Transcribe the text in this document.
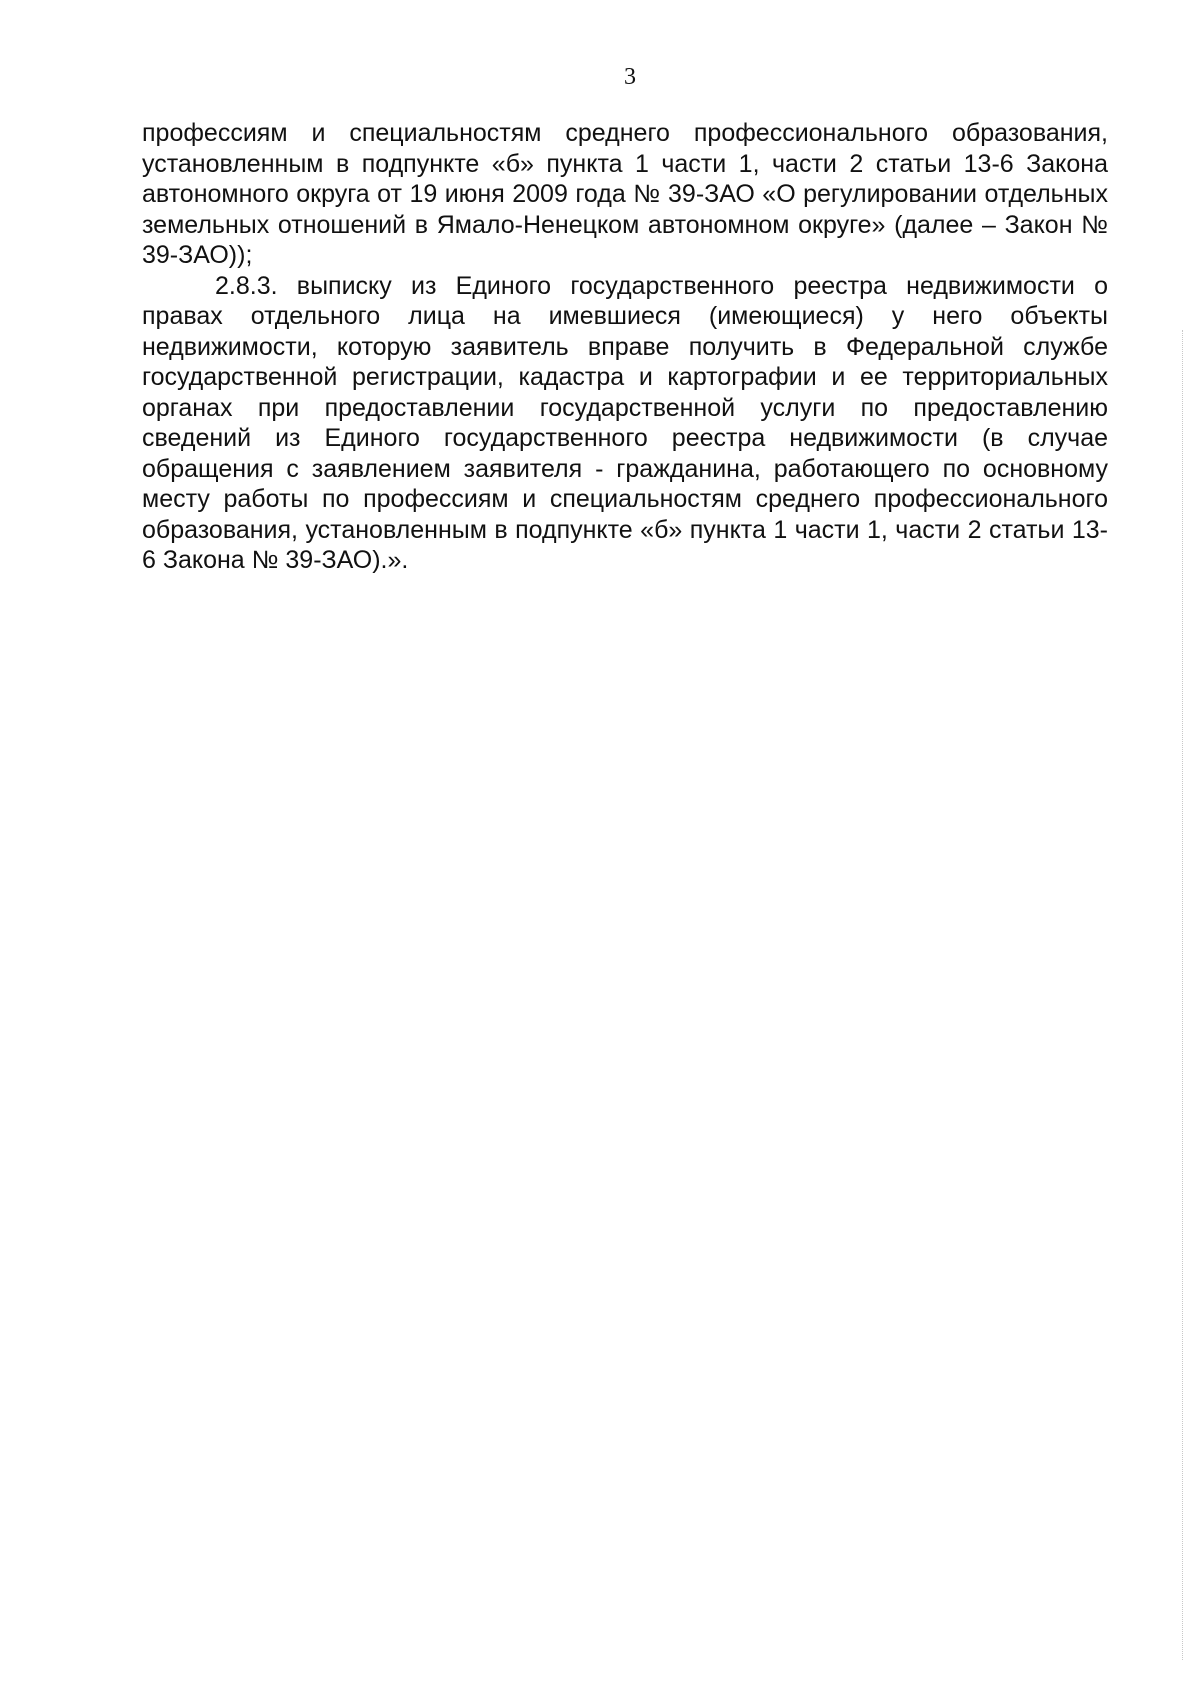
3

профессиям и специальностям среднего профессионального образования, установленным в подпункте «б» пункта 1 части 1, части 2 статьи 13-6 Закона автономного округа от 19 июня 2009 года № 39-ЗАО «О регулировании отдельных земельных отношений в Ямало-Ненецком автономном округе» (далее – Закон № 39-ЗАО));

2.8.3. выписку из Единого государственного реестра недвижимости о правах отдельного лица на имевшиеся (имеющиеся) у него объекты недвижимости, которую заявитель вправе получить в Федеральной службе государственной регистрации, кадастра и картографии и ее территориальных органах при предоставлении государственной услуги по предоставлению сведений из Единого государственного реестра недвижимости (в случае обращения с заявлением заявителя - гражданина, работающего по основному месту работы по профессиям и специальностям среднего профессионального образования, установленным в подпункте «б» пункта 1 части 1, части 2 статьи 13-6 Закона № 39-ЗАО).».
